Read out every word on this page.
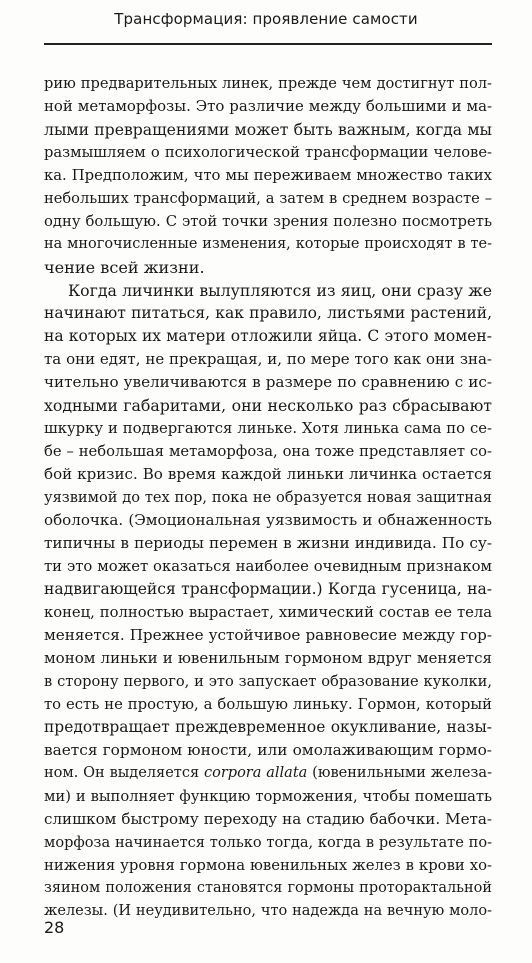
Трансформация: проявление самости
рию предварительных линек, прежде чем достигнут пол-
ной метаморфозы. Это различие между большими и ма-
лыми превращениями может быть важным, когда мы
размышляем о психологической трансформации челове-
ка. Предположим, что мы переживаем множество таких
небольших трансформаций, а затем в среднем возрасте –
одну большую. С этой точки зрения полезно посмотреть
на многочисленные изменения, которые происходят в те-
чение всей жизни.
Когда личинки вылупляются из яиц, они сразу же
начинают питаться, как правило, листьями растений,
на которых их матери отложили яйца. С этого момен-
та они едят, не прекращая, и, по мере того как они зна-
чительно увеличиваются в размере по сравнению с ис-
ходными габаритами, они несколько раз сбрасывают
шкурку и подвергаются линьке. Хотя линька сама по се-
бе – небольшая метаморфоза, она тоже представляет со-
бой кризис. Во время каждой линьки личинка остается
уязвимой до тех пор, пока не образуется новая защитная
оболочка. (Эмоциональная уязвимость и обнаженность
типичны в периоды перемен в жизни индивида. По су-
ти это может оказаться наиболее очевидным признаком
надвигающейся трансформации.) Когда гусеница, на-
конец, полностью вырастает, химический состав ее тела
меняется. Прежнее устойчивое равновесие между гор-
моном линьки и ювенильным гормоном вдруг меняется
в сторону первого, и это запускает образование куколки,
то есть не простую, а большую линьку. Гормон, который
предотвращает преждевременное окукливание, назы-
вается гормоном юности, или омолаживающим гормо-
ном. Он выделяется corpora allata (ювенильными железа-
ми) и выполняет функцию торможения, чтобы помешать
слишком быстрому переходу на стадию бабочки. Мета-
морфоза начинается только тогда, когда в результате по-
нижения уровня гормона ювенильных желез в крови хо-
зяином положения становятся гормоны проторактальной
железы. (И неудивительно, что надежда на вечную моло-
28
